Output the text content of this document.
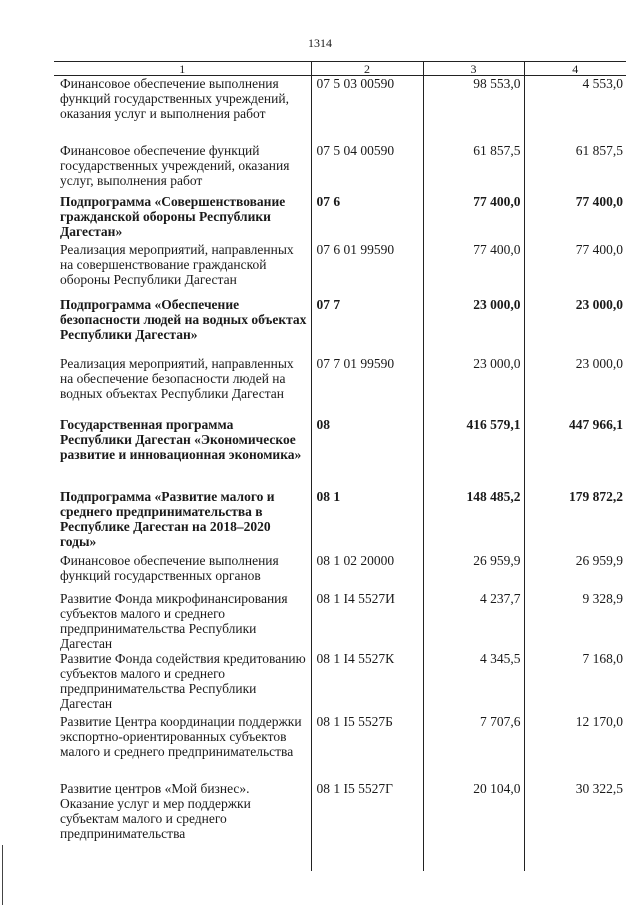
1314
1	2	3	4
Финансовое обеспечение выполнения функций государственных учреждений, оказания услуг и выполнения работ	07 5 03 00590	98 553,0	4 553,0
Финансовое обеспечение функций государственных учреждений, оказания услуг, выполнения работ	07 5 04 00590	61 857,5	61 857,5
Подпрограмма «Совершенствование гражданской обороны Республики Дагестан»	07 6	77 400,0	77 400,0
Реализация мероприятий, направленных на совершенствование гражданской обороны Республики Дагестан	07 6 01 99590	77 400,0	77 400,0
Подпрограмма «Обеспечение безопасности людей на водных объектах Республики Дагестан»	07 7	23 000,0	23 000,0
Реализация мероприятий, направленных на обеспечение безопасности людей на водных объектах Республики Дагестан	07 7 01 99590	23 000,0	23 000,0
Государственная программа Республики Дагестан «Экономическое развитие и инновационная экономика»	08	416 579,1	447 966,1
Подпрограмма «Развитие малого и среднего предпринимательства в Республике Дагестан на 2018–2020 годы»	08 1	148 485,2	179 872,2
Финансовое обеспечение выполнения функций государственных органов	08 1 02 20000	26 959,9	26 959,9
Развитие Фонда микрофинансирования субъектов малого и среднего предпринимательства Республики Дагестан	08 1 I4 5527И	4 237,7	9 328,9
Развитие Фонда содействия кредитованию субъектов малого и среднего предпринимательства Республики Дагестан	08 1 I4 5527К	4 345,5	7 168,0
Развитие Центра координации поддержки экспортно-ориентированных субъектов малого и среднего предпринимательства	08 1 I5 5527Б	7 707,6	12 170,0
Развитие центров «Мой бизнес». Оказание услуг и мер поддержки субъектам малого и среднего предпринимательства	08 1 I5 5527Г	20 104,0	30 322,5
